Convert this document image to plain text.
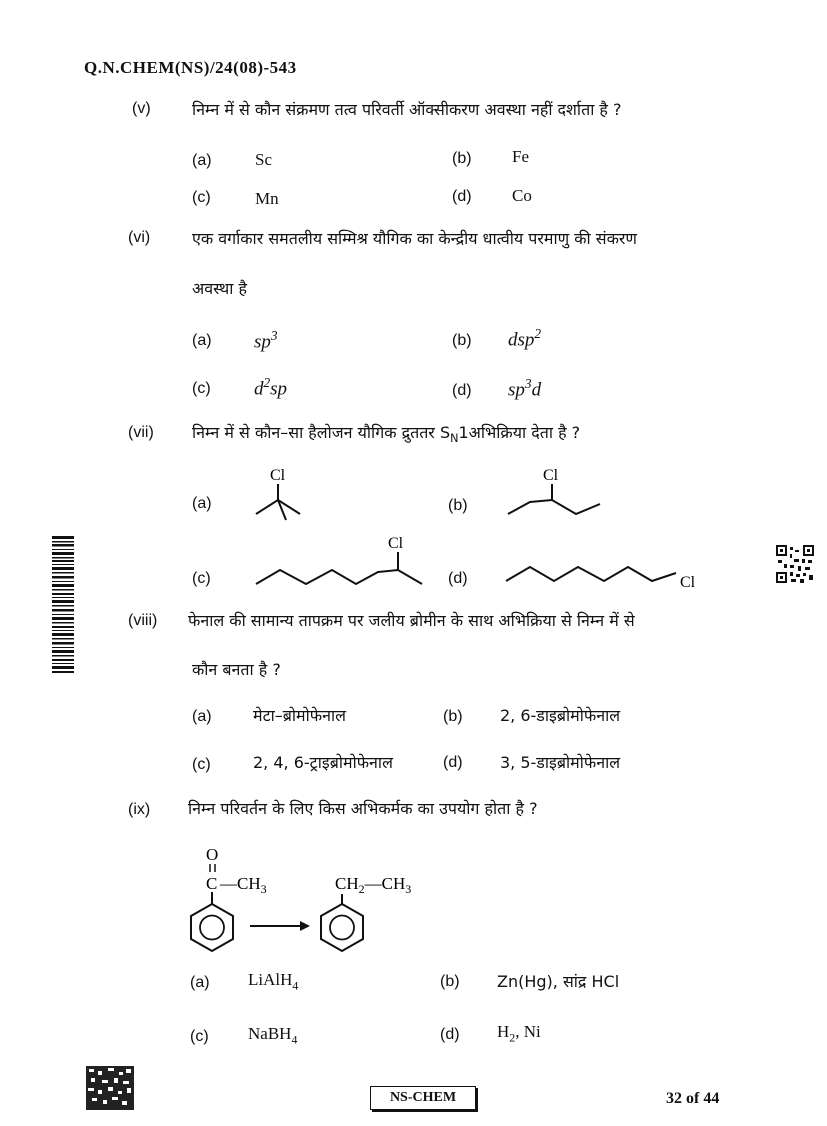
Q.N.CHEM(NS)/24(08)-543
(v)	निम्न में से कौन संक्रमण तत्व परिवर्ती ऑक्सीकरण अवस्था नहीं दर्शाता है ?
(a)	Sc	(b) Fe
(c)	Mn	(d) Co
(vi)	एक वर्गाकार समतलीय सम्मिश्र यौगिक का केन्द्रीय धात्वीय परमाणु की संकरण
अवस्था है
(a) $sp^3$	(b) dsp$^2$
(c) $d^2sp$	(d) $sp^3d$
(vii) निम्न में से कौन–सा हैलोजन यौगिक द्रुततर $S_N1अभिक्रिया$ देता है ?
(a)
Cl
(b)
Cl
(c)
Cl
(d)	Cl
(viii) फेनाल की सामान्य तापक्रम पर जलीय ब्रोमीन के साथ अभिक्रिया से निम्न में से
कौन बनता है ?
(a)	मेटा–ब्रोमोफेनाल	(b) 2, 6-डाइब्रोमोफेनाल
(c)	2, 4, 6-ट्राइब्रोमोफेनाल	(d) 3, 5-डाइब्रोमोफेनाल
(ix) निम्न परिवर्तन के लिए किस अभिकर्मक का उपयोग होता है ?
O
C $—CH_3$	$CH_2—CH_3$
(a) LiAlH$_4$	(b) Zn(Hg), सांद्र HCl
(c) NaBH$_4$	(d) $H_2$, Ni
NS-CHEM	32 of 44
